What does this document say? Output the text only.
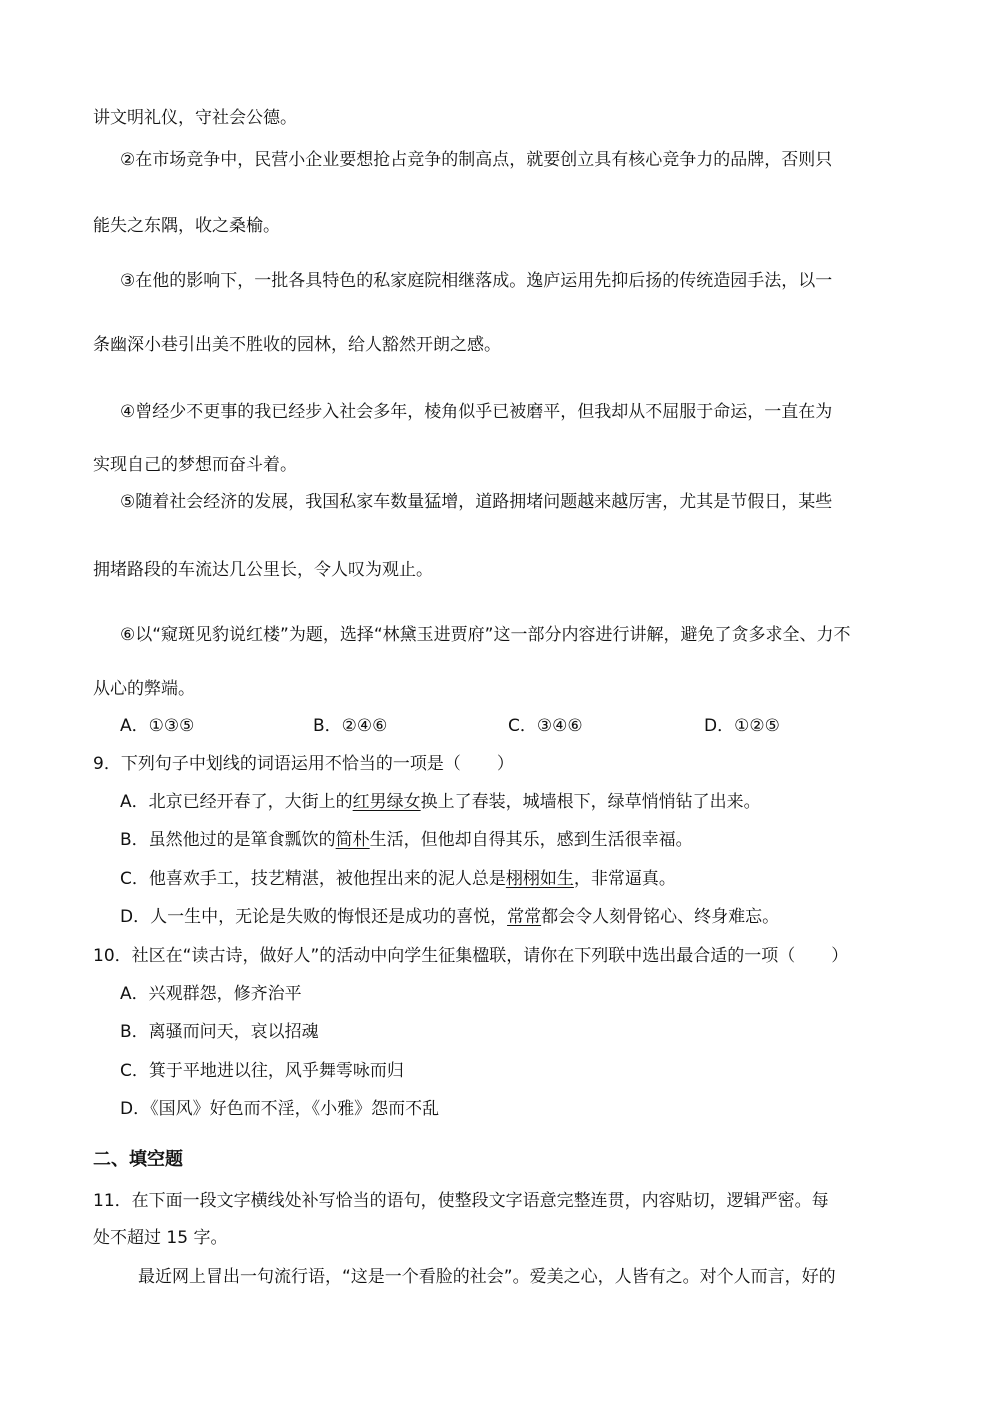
讲文明礼仪，守社会公德。
②在市场竞争中，民营小企业要想抢占竞争的制高点，就要创立具有核心竞争力的品牌，否则只
能失之东隅，收之桑榆。
③在他的影响下，一批各具特色的私家庭院相继落成。逸庐运用先抑后扬的传统造园手法，以一
条幽深小巷引出美不胜收的园林，给人豁然开朗之感。
④曾经少不更事的我已经步入社会多年，棱角似乎已被磨平，但我却从不屈服于命运，一直在为
实现自己的梦想而奋斗着。
⑤随着社会经济的发展，我国私家车数量猛增，道路拥堵问题越来越厉害，尤其是节假日，某些
拥堵路段的车流达几公里长，令人叹为观止。
⑥以“窥斑见豹说红楼”为题，选择“林黛玉进贾府”这一部分内容进行讲解，避免了贪多求全、力不
从心的弊端。
A．①③⑤	B．②④⑥	C．③④⑥	D．①②⑤
9．下列句子中划线的词语运用不恰当的一项是（ ）
A．北京已经开春了，大街上的红男绿女换上了春装，城墙根下，绿草悄悄钻了出来。
B．虽然他过的是箪食瓢饮的简朴生活，但他却自得其乐，感到生活很幸福。
C．他喜欢手工，技艺精湛，被他捏出来的泥人总是栩栩如生，非常逼真。
D．人一生中，无论是失败的悔恨还是成功的喜悦，常常都会令人刻骨铭心、终身难忘。
10．社区在“读古诗，做好人”的活动中向学生征集楹联，请你在下列联中选出最合适的一项（ ）
A．兴观群怨，修齐治平
B．离骚而问天，哀以招魂
C．箕于平地进以往，风乎舞雩咏而归
D．《国风》好色而不淫，《小雅》怨而不乱
二、填空题
11．在下面一段文字横线处补写恰当的语句，使整段文字语意完整连贯，内容贴切，逻辑严密。每
处不超过 15 字。
最近网上冒出一句流行语，“这是一个看脸的社会”。爱美之心，人皆有之。对个人而言，好的
